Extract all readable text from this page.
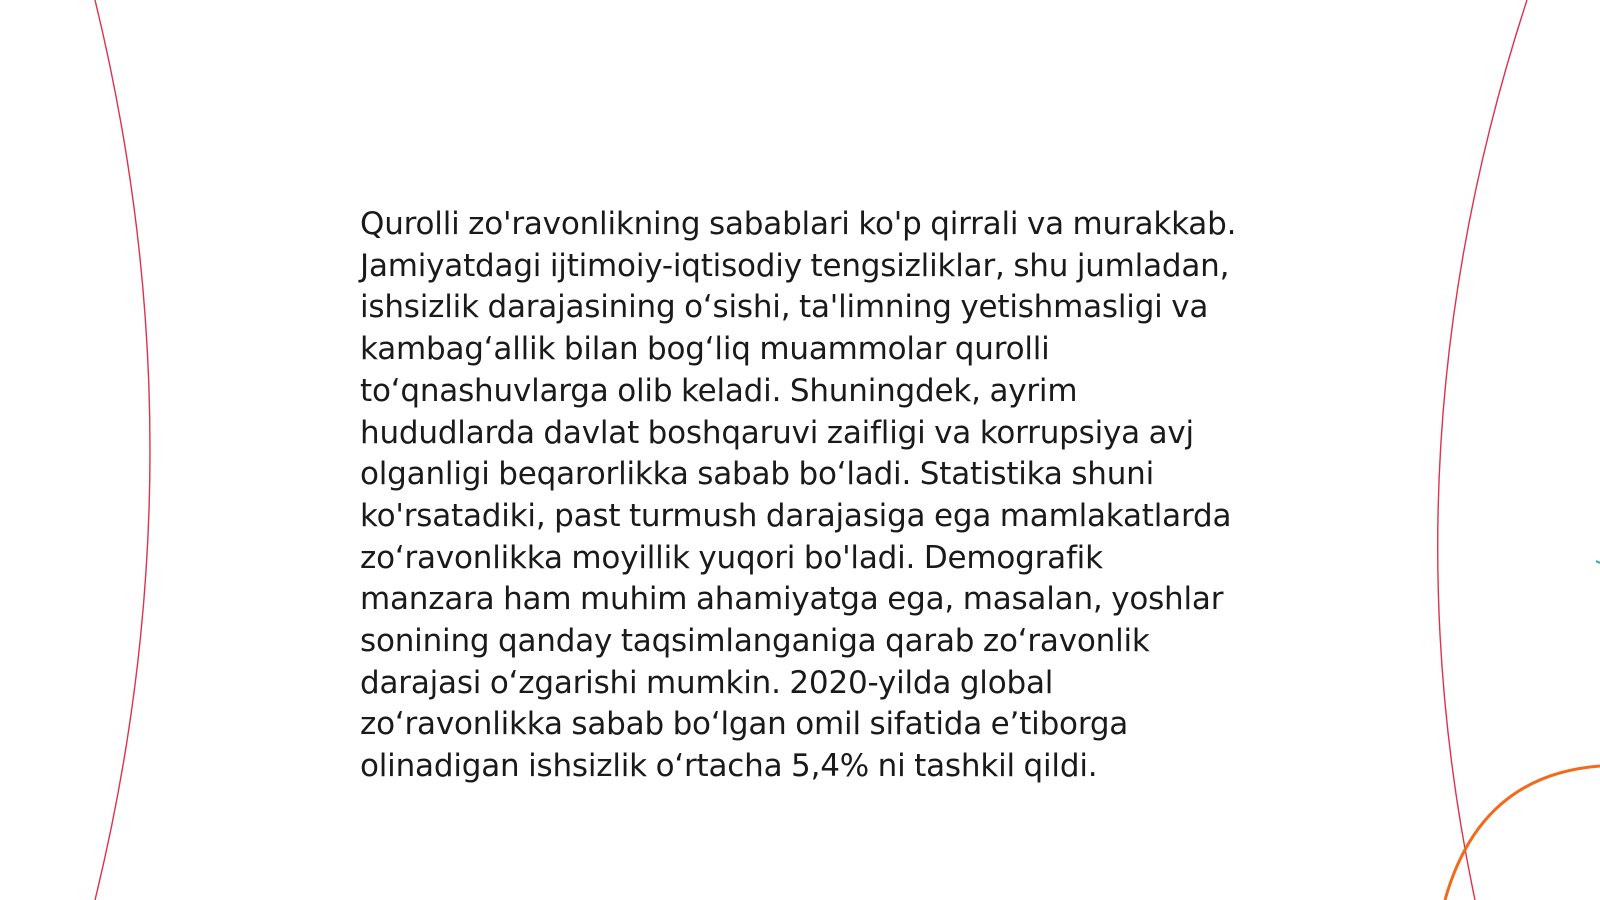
Qurolli zo'ravonlikning sabablari ko'p qirrali va murakkab. Jamiyatdagi ijtimoiy-iqtisodiy tengsizliklar, shu jumladan, ishsizlik darajasining oʻsishi, ta'limning yetishmasligi va kambagʻallik bilan bogʻliq muammolar qurolli toʻqnashuvlarga olib keladi. Shuningdek, ayrim hududlarda davlat boshqaruvi zaifligi va korrupsiya avj olganligi beqarorlikka sabab boʻladi. Statistika shuni ko'rsatadiki, past turmush darajasiga ega mamlakatlarda zoʻravonlikka moyillik yuqori bo'ladi. Demografik manzara ham muhim ahamiyatga ega, masalan, yoshlar sonining qanday taqsimlanganiga qarab zoʻravonlik darajasi oʻzgarishi mumkin. 2020-yilda global zoʻravonlikka sabab boʻlgan omil sifatida eʼtiborga olinadigan ishsizlik oʻrtacha 5,4% ni tashkil qildi.
